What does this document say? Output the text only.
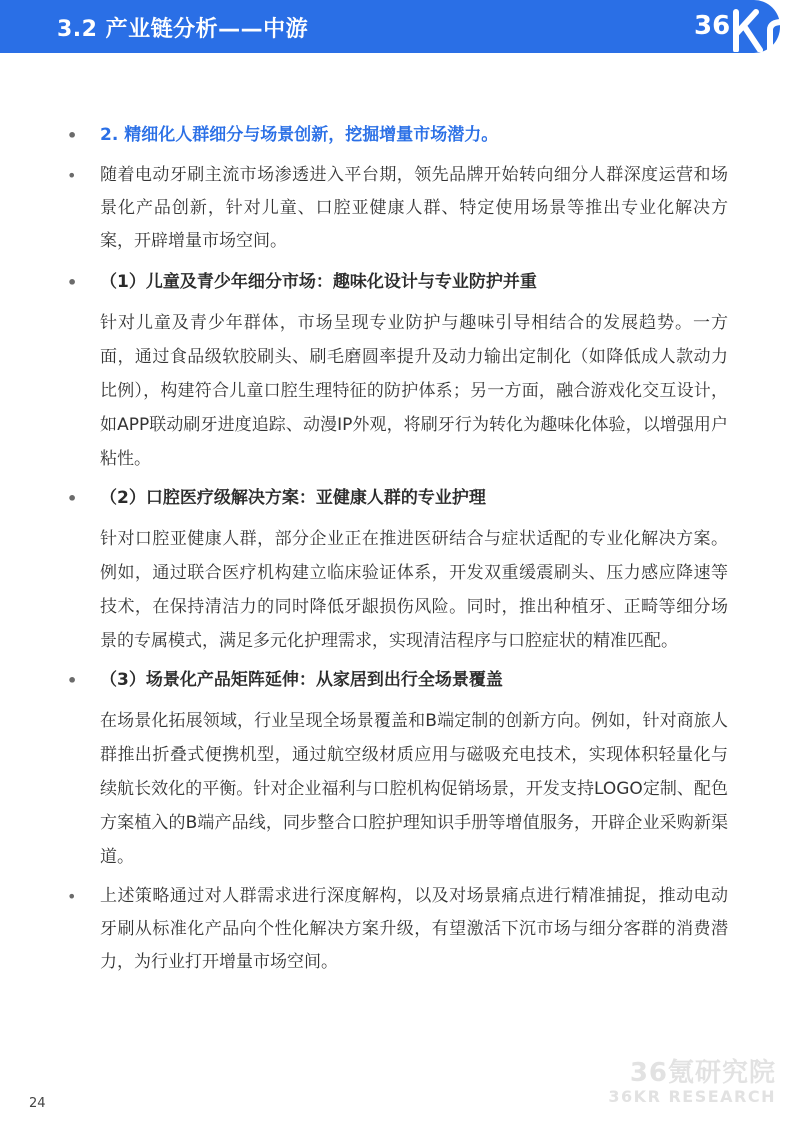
3.2 产业链分析——中游	36
• 2. 精细化人群细分与场景创新，挖掘增量市场潜力。
• 随着电动牙刷主流市场渗透进入平台期，领先品牌开始转向细分人群深度运营和场景化产品创新，针对儿童、口腔亚健康人群、特定使用场景等推出专业化解决方案，开辟增量市场空间。
• （1）儿童及青少年细分市场：趣味化设计与专业防护并重
针对儿童及青少年群体，市场呈现专业防护与趣味引导相结合的发展趋势。一方面，通过食品级软胶刷头、刷毛磨圆率提升及动力输出定制化（如降低成人款动力比例），构建符合儿童口腔生理特征的防护体系；另一方面，融合游戏化交互设计，如APP联动刷牙进度追踪、动漫IP外观，将刷牙行为转化为趣味化体验，以增强用户粘性。
• （2）口腔医疗级解决方案：亚健康人群的专业护理
针对口腔亚健康人群，部分企业正在推进医研结合与症状适配的专业化解决方案。例如，通过联合医疗机构建立临床验证体系，开发双重缓震刷头、压力感应降速等技术，在保持清洁力的同时降低牙龈损伤风险。同时，推出种植牙、正畸等细分场景的专属模式，满足多元化护理需求，实现清洁程序与口腔症状的精准匹配。
• （3）场景化产品矩阵延伸：从家居到出行全场景覆盖
在场景化拓展领域，行业呈现全场景覆盖和B端定制的创新方向。例如，针对商旅人群推出折叠式便携机型，通过航空级材质应用与磁吸充电技术，实现体积轻量化与续航长效化的平衡。针对企业福利与口腔机构促销场景，开发支持LOGO定制、配色方案植入的B端产品线，同步整合口腔护理知识手册等增值服务，开辟企业采购新渠道。
• 上述策略通过对人群需求进行深度解构，以及对场景痛点进行精准捕捉，推动电动牙刷从标准化产品向个性化解决方案升级，有望激活下沉市场与细分客群的消费潜力，为行业打开增量市场空间。
24
36氪研究院
36KR RESEARCH
